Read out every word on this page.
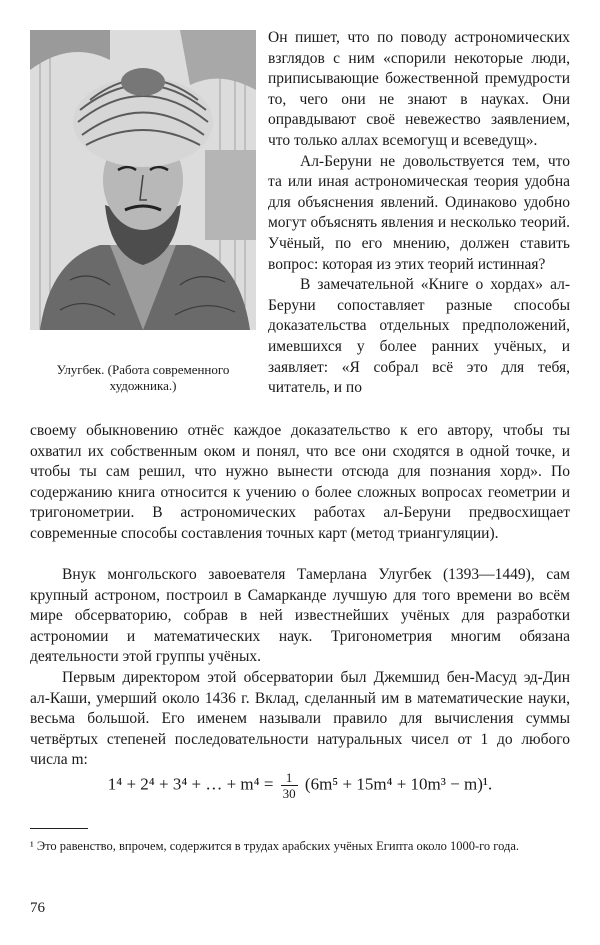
Улугбек. (Работа современного
художника.)

Он пишет, что по поводу астрономических взглядов с ним «спорили некоторые люди, приписывающие божественной премудрости то, чего они не знают в науках. Они оправдывают своё невежество заявлением, что только аллах всемогущ и всеведущ».

Ал-Беруни не довольствуется тем, что та или иная астрономическая теория удобна для объяснения явлений. Одинаково удобно могут объяснять явления и несколько теорий. Учёный, по его мнению, должен ставить вопрос: которая из этих теорий истинная?

В замечательной «Книге о хордах» ал-Беруни сопоставляет разные способы доказательства отдельных предположений, имевшихся у более ранних учёных, и заявляет: «Я собрал всё это для тебя, читатель, и по

своему обыкновению отнёс каждое доказательство к его автору, чтобы ты охватил их собственным оком и понял, что все они сходятся в одной точке, и чтобы ты сам решил, что нужно вынести отсюда для познания хорд». По содержанию книга относится к учению о более сложных вопросах геометрии и тригонометрии. В астрономических работах ал-Беруни предвосхищает современные способы составления точных карт (метод триангуляции).

Внук монгольского завоевателя Тамерлана Улугбек (1393—1449), сам крупный астроном, построил в Самарканде лучшую для того времени во всём мире обсерваторию, собрав в ней известнейших учёных для разработки астрономии и математических наук. Тригонометрия многим обязана деятельности этой группы учёных.

Первым директором этой обсерватории был Джемшид бен-Масуд эд-Дин ал-Каши, умерший около 1436 г. Вклад, сделанный им в математические науки, весьма большой. Его именем называли правило для вычисления суммы четвёртых степеней последовательности натуральных чисел от 1 до любого числа m:

1⁴ + 2⁴ + 3⁴ + … + $m^4 = \frac{1}{30} (6m^5 + 15m^4 + 10m^3 - m)^1$.
¹ Это равенство, впрочем, содержится в трудах арабских учёных Египта около 1000-го года.
76
